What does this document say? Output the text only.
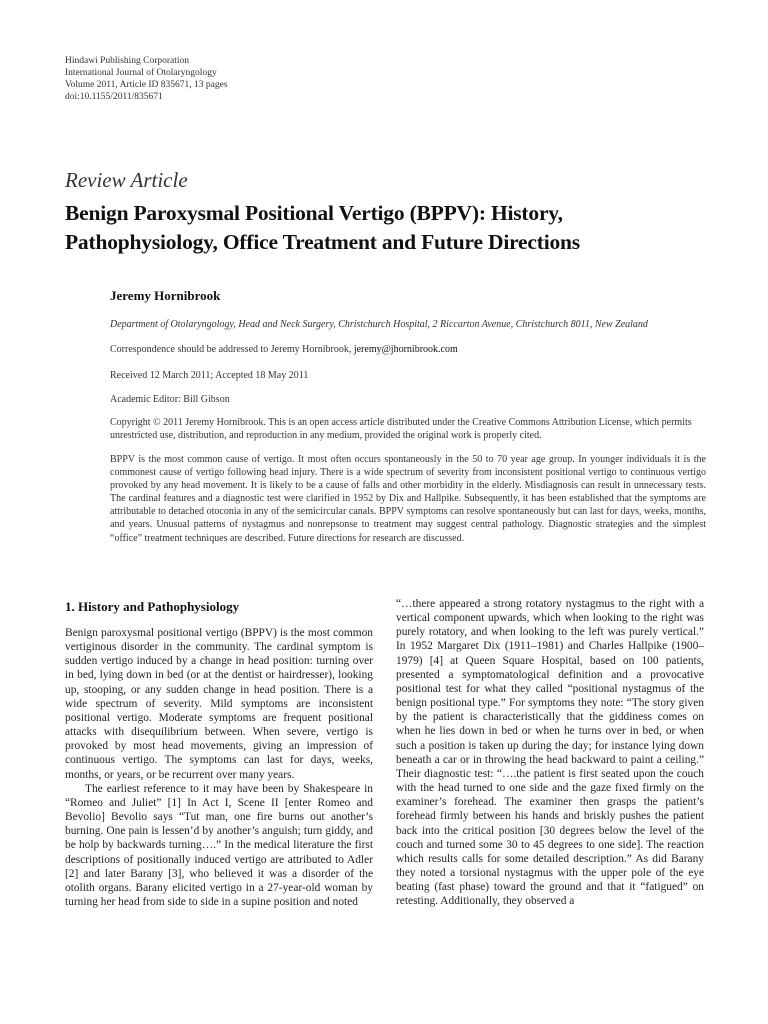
Hindawi Publishing Corporation
International Journal of Otolaryngology
Volume 2011, Article ID 835671, 13 pages
doi:10.1155/2011/835671
Review Article
Benign Paroxysmal Positional Vertigo (BPPV): History, Pathophysiology, Office Treatment and Future Directions
Jeremy Hornibrook
Department of Otolaryngology, Head and Neck Surgery, Christchurch Hospital, 2 Riccarton Avenue, Christchurch 8011, New Zealand
Correspondence should be addressed to Jeremy Hornibrook, jeremy@jhornibrook.com
Received 12 March 2011; Accepted 18 May 2011
Academic Editor: Bill Gibson
Copyright © 2011 Jeremy Hornibrook. This is an open access article distributed under the Creative Commons Attribution License, which permits unrestricted use, distribution, and reproduction in any medium, provided the original work is properly cited.
BPPV is the most common cause of vertigo. It most often occurs spontaneously in the 50 to 70 year age group. In younger individuals it is the commonest cause of vertigo following head injury. There is a wide spectrum of severity from inconsistent positional vertigo to continuous vertigo provoked by any head movement. It is likely to be a cause of falls and other morbidity in the elderly. Misdiagnosis can result in unnecessary tests. The cardinal features and a diagnostic test were clarified in 1952 by Dix and Hallpike. Subsequently, it has been established that the symptoms are attributable to detached otoconia in any of the semicircular canals. BPPV symptoms can resolve spontaneously but can last for days, weeks, months, and years. Unusual patterns of nystagmus and nonrepsonse to treatment may suggest central pathology. Diagnostic strategies and the simplest “office” treatment techniques are described. Future directions for research are discussed.
1. History and Pathophysiology

Benign paroxysmal positional vertigo (BPPV) is the most common vertiginous disorder in the community. The cardinal symptom is sudden vertigo induced by a change in head position: turning over in bed, lying down in bed (or at the dentist or hairdresser), looking up, stooping, or any sudden change in head position. There is a wide spectrum of severity. Mild symptoms are inconsistent positional vertigo. Moderate symptoms are frequent positional attacks with disequilibrium between. When severe, vertigo is provoked by most head movements, giving an impression of continuous vertigo. The symptoms can last for days, weeks, months, or years, or be recurrent over many years.

The earliest reference to it may have been by Shakespeare in “Romeo and Juliet” [1] In Act I, Scene II [enter Romeo and Bevolio] Bevolio says “Tut man, one fire burns out another’s burning. One pain is lessen’d by another’s anguish; turn giddy, and be holp by backwards turning….” In the medical literature the first descriptions of positionally induced vertigo are attributed to Adler [2] and later Barany [3], who believed it was a disorder of the otolith organs. Barany elicited vertigo in a 27-year-old woman by turning her head from side to side in a supine position and noted

“…there appeared a strong rotatory nystagmus to the right with a vertical component upwards, which when looking to the right was purely rotatory, and when looking to the left was purely vertical.” In 1952 Margaret Dix (1911–1981) and Charles Hallpike (1900–1979) [4] at Queen Square Hospital, based on 100 patients, presented a symptomatological definition and a provocative positional test for what they called “positional nystagmus of the benign positional type.” For symptoms they note: “The story given by the patient is characteristically that the giddiness comes on when he lies down in bed or when he turns over in bed, or when such a position is taken up during the day; for instance lying down beneath a car or in throwing the head backward to paint a ceiling.” Their diagnostic test: “….the patient is first seated upon the couch with the head turned to one side and the gaze fixed firmly on the examiner’s forehead. The examiner then grasps the patient’s forehead firmly between his hands and briskly pushes the patient back into the critical position [30 degrees below the level of the couch and turned some 30 to 45 degrees to one side]. The reaction which results calls for some detailed description.” As did Barany they noted a torsional nystagmus with the upper pole of the eye beating (fast phase) toward the ground and that it “fatigued” on retesting. Additionally, they observed a
